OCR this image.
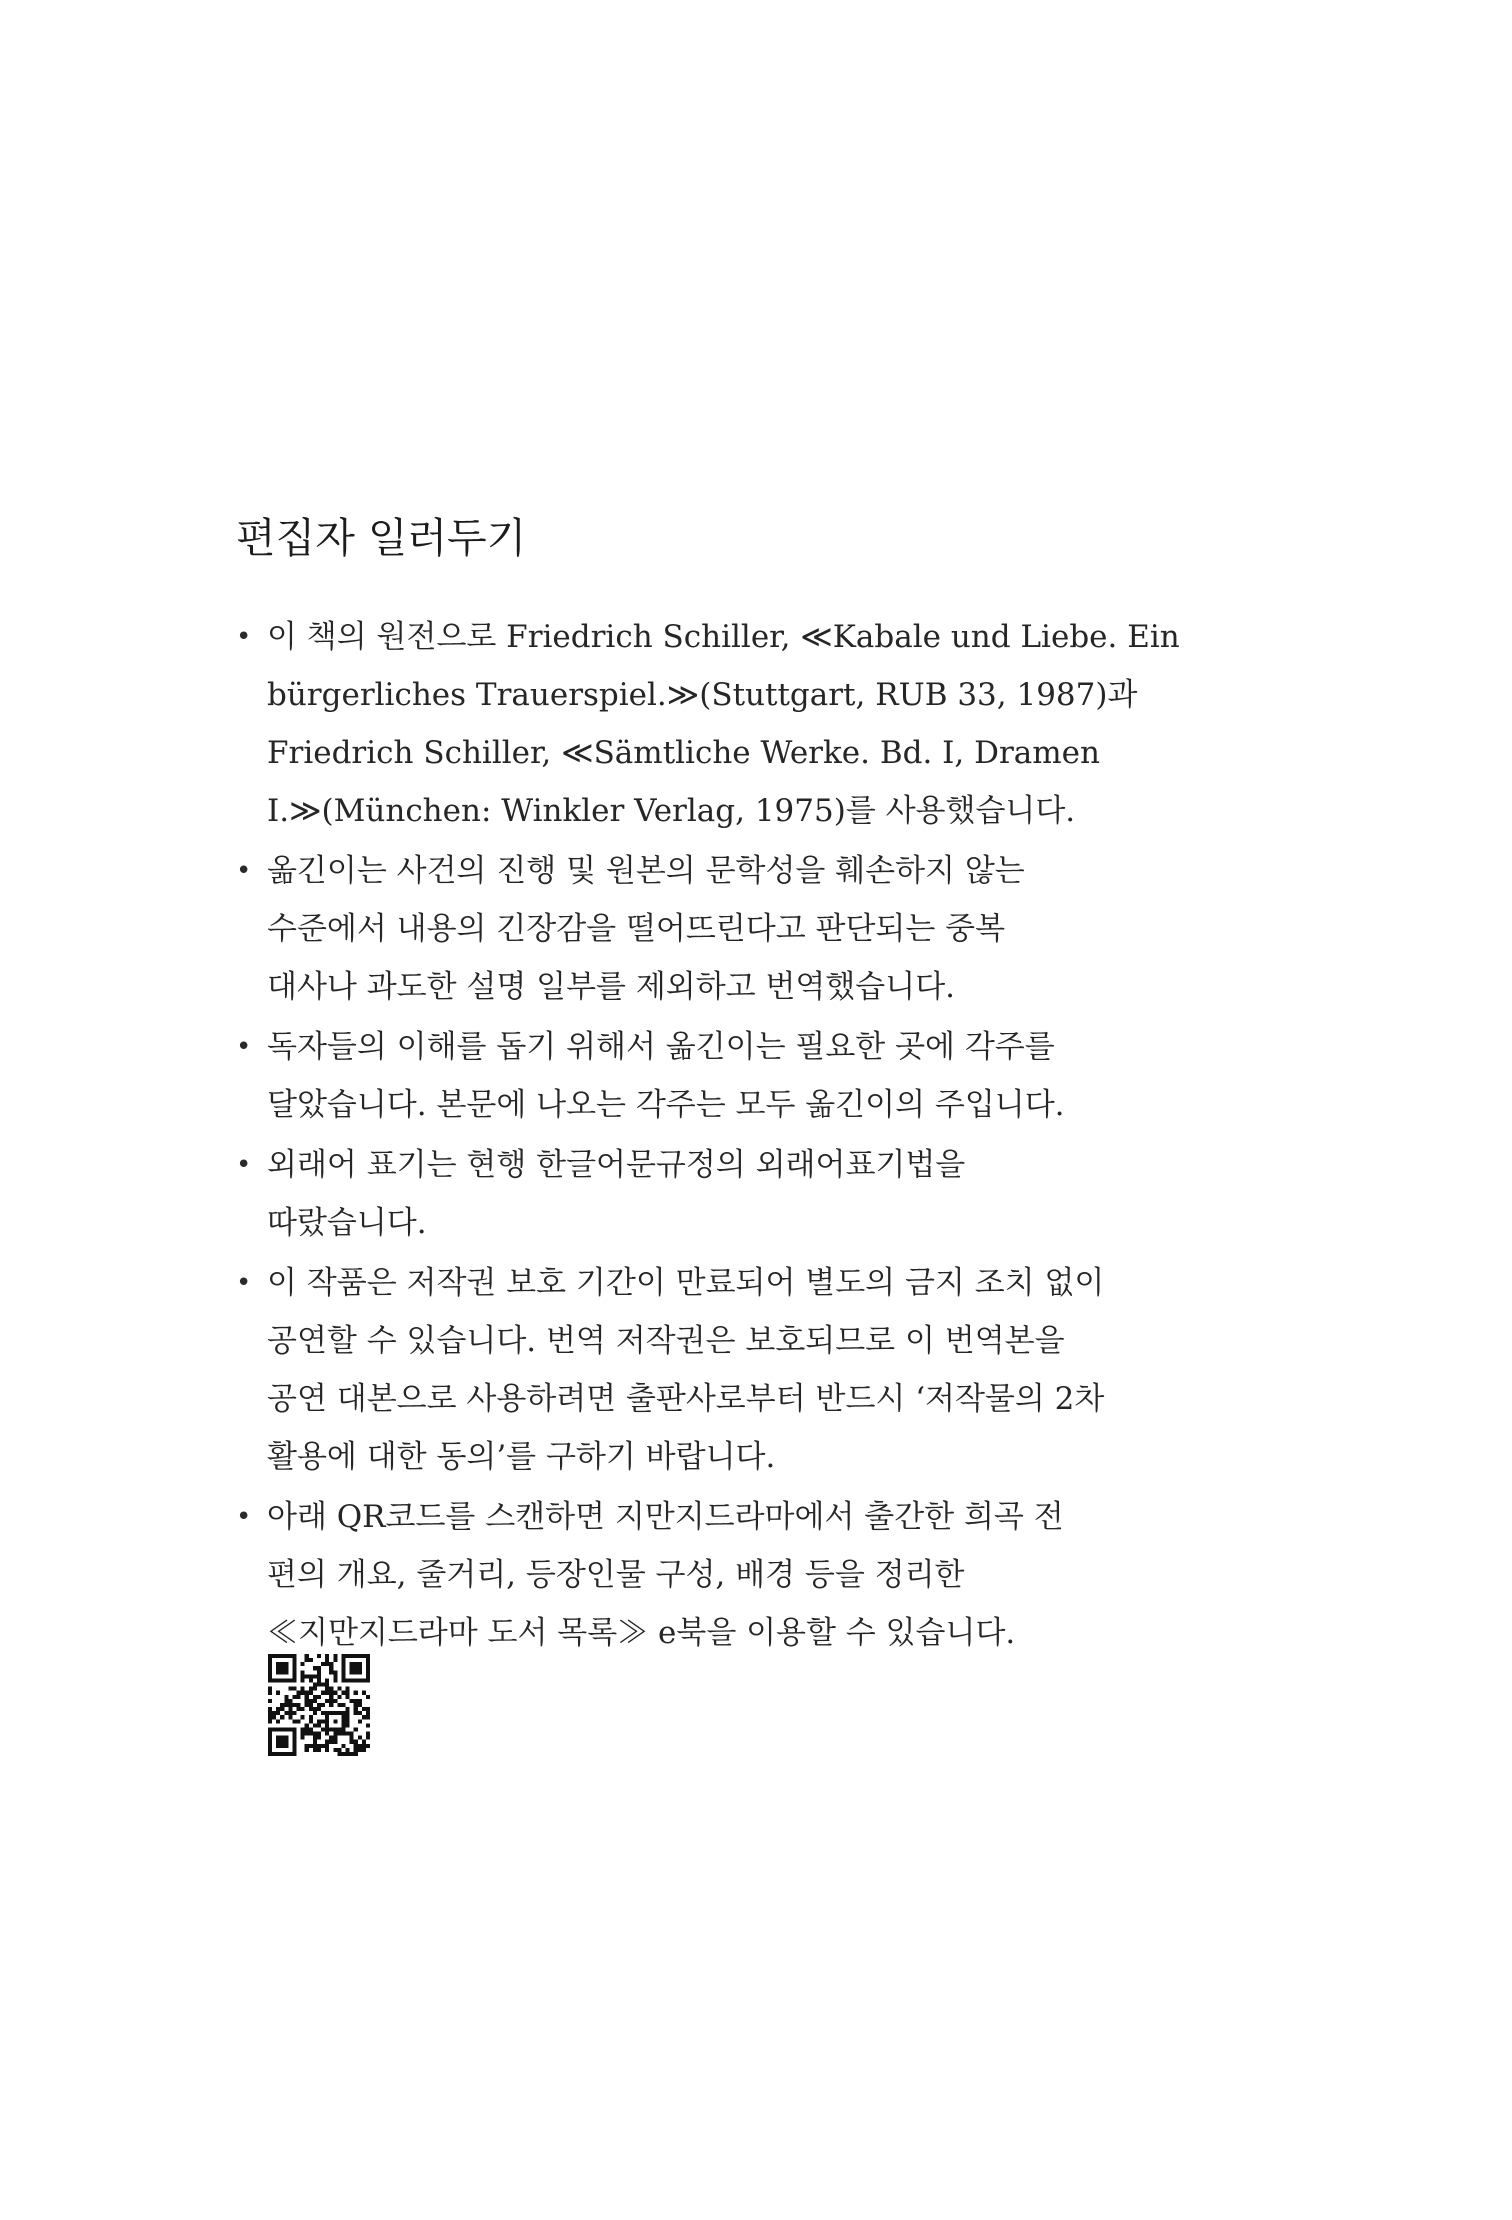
편집자 일러두기
• 이 책의 원전으로 Friedrich Schiller, ≪Kabale und Liebe. Ein
bürgerliches Trauerspiel.≫(Stuttgart, RUB 33, 1987)과
Friedrich Schiller, ≪Sämtliche Werke. Bd. I, Dramen
I.≫(München: Winkler Verlag, 1975)를 사용했습니다.
• 옮긴이는 사건의 진행 및 원본의 문학성을 훼손하지 않는
수준에서 내용의 긴장감을 떨어뜨린다고 판단되는 중복
대사나 과도한 설명 일부를 제외하고 번역했습니다.
• 독자들의 이해를 돕기 위해서 옮긴이는 필요한 곳에 각주를
달았습니다. 본문에 나오는 각주는 모두 옮긴이의 주입니다.
• 외래어 표기는 현행 한글어문규정의 외래어표기법을
따랐습니다.
• 이 작품은 저작권 보호 기간이 만료되어 별도의 금지 조치 없이
공연할 수 있습니다. 번역 저작권은 보호되므로 이 번역본을
공연 대본으로 사용하려면 출판사로부터 반드시 ‘저작물의 2차
활용에 대한 동의’를 구하기 바랍니다.
• 아래 QR코드를 스캔하면 지만지드라마에서 출간한 희곡 전
편의 개요, 줄거리, 등장인물 구성, 배경 등을 정리한
≪지만지드라마 도서 목록≫ e북을 이용할 수 있습니다.
